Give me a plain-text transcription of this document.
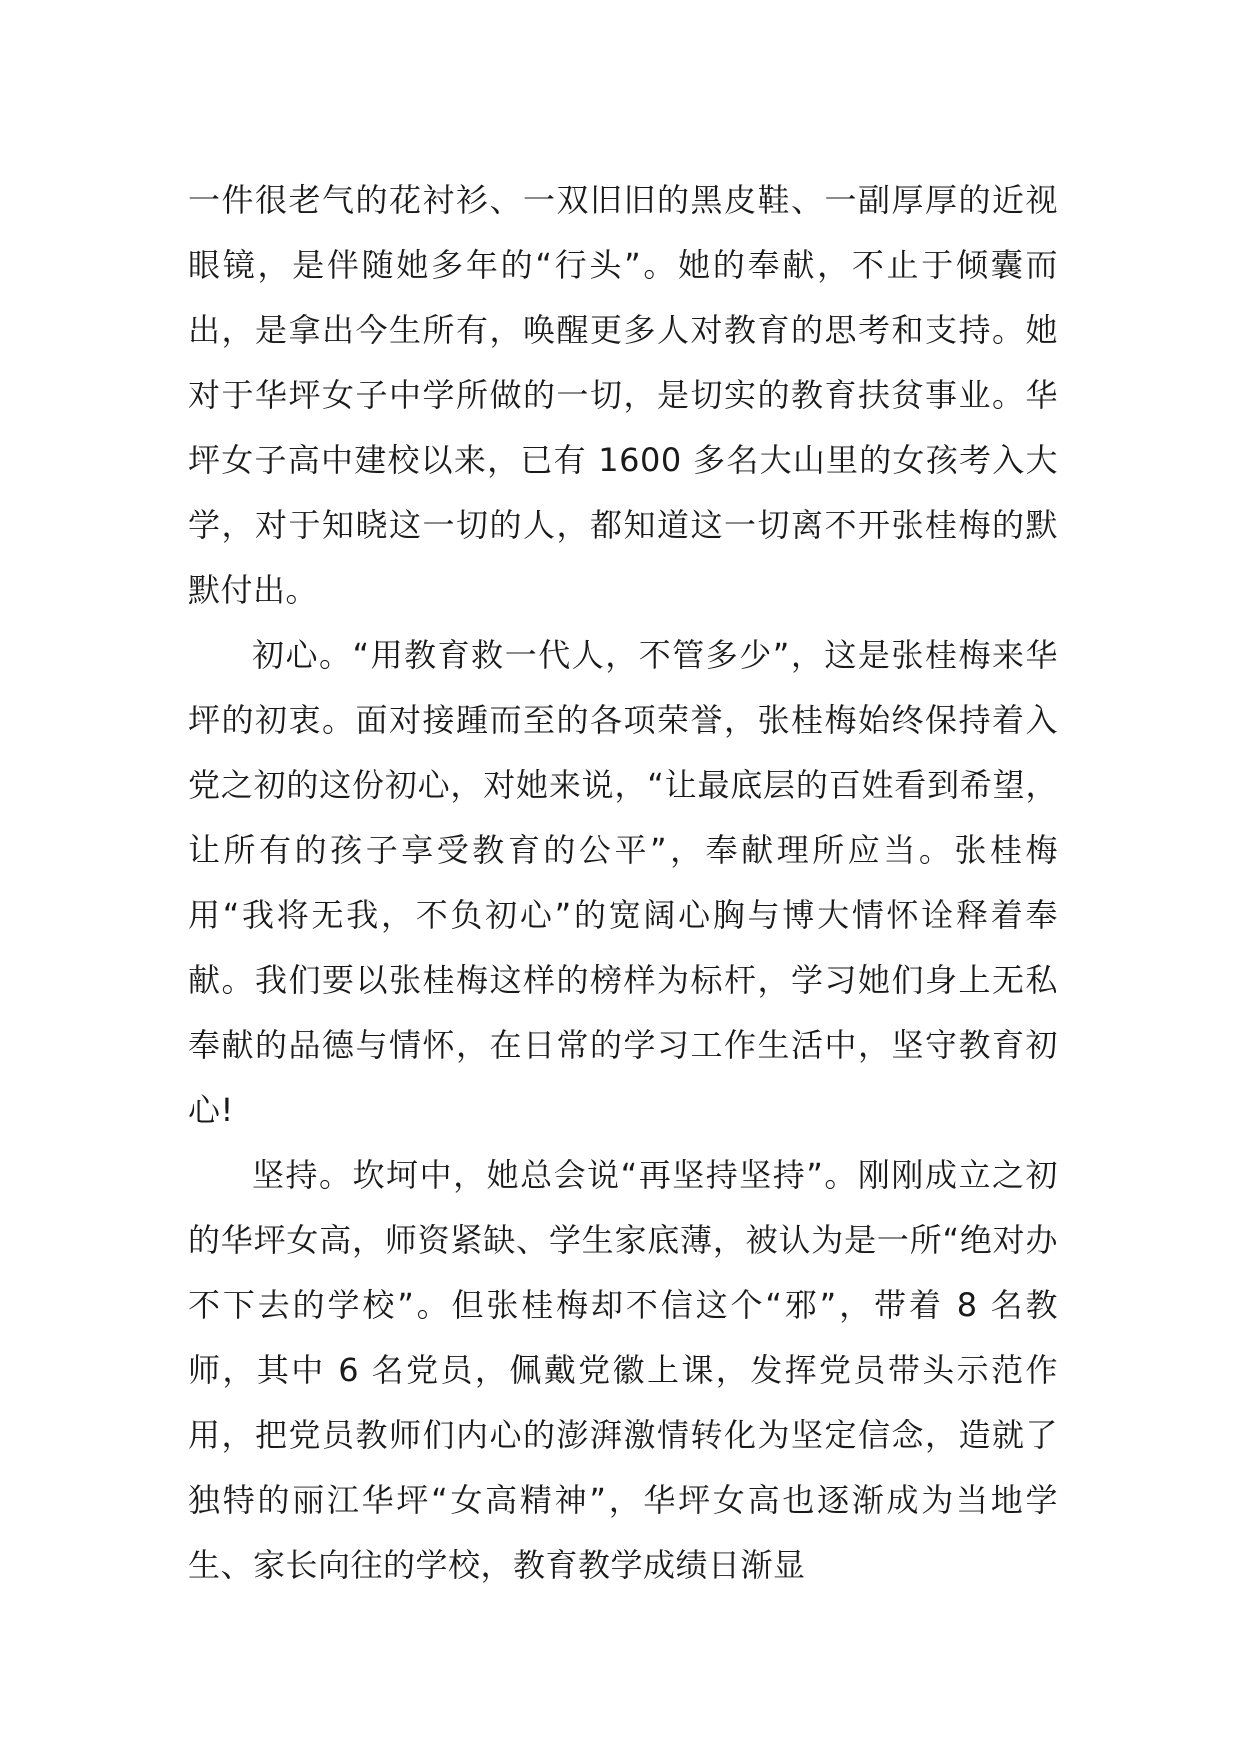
一件很老气的花衬衫、一双旧旧的黑皮鞋、一副厚厚的近视眼镜，是伴随她多年的“行头”。她的奉献，不止于倾囊而出，是拿出今生所有，唤醒更多人对教育的思考和支持。她对于华坪女子中学所做的一切，是切实的教育扶贫事业。华坪女子高中建校以来，已有 1600 多名大山里的女孩考入大学，对于知晓这一切的人，都知道这一切离不开张桂梅的默默付出。

初心。“用教育救一代人，不管多少”，这是张桂梅来华坪的初衷。面对接踵而至的各项荣誉，张桂梅始终保持着入党之初的这份初心，对她来说，“让最底层的百姓看到希望，让所有的孩子享受教育的公平”，奉献理所应当。张桂梅用“我将无我，不负初心”的宽阔心胸与博大情怀诠释着奉献。我们要以张桂梅这样的榜样为标杆，学习她们身上无私奉献的品德与情怀，在日常的学习工作生活中，坚守教育初心!

坚持。坎坷中，她总会说“再坚持坚持”。刚刚成立之初的华坪女高，师资紧缺、学生家底薄，被认为是一所“绝对办不下去的学校”。但张桂梅却不信这个“邪”，带着 8 名教师，其中 6 名党员，佩戴党徽上课，发挥党员带头示范作用，把党员教师们内心的澎湃激情转化为坚定信念，造就了独特的丽江华坪“女高精神”，华坪女高也逐渐成为当地学生、家长向往的学校，教育教学成绩日渐显
